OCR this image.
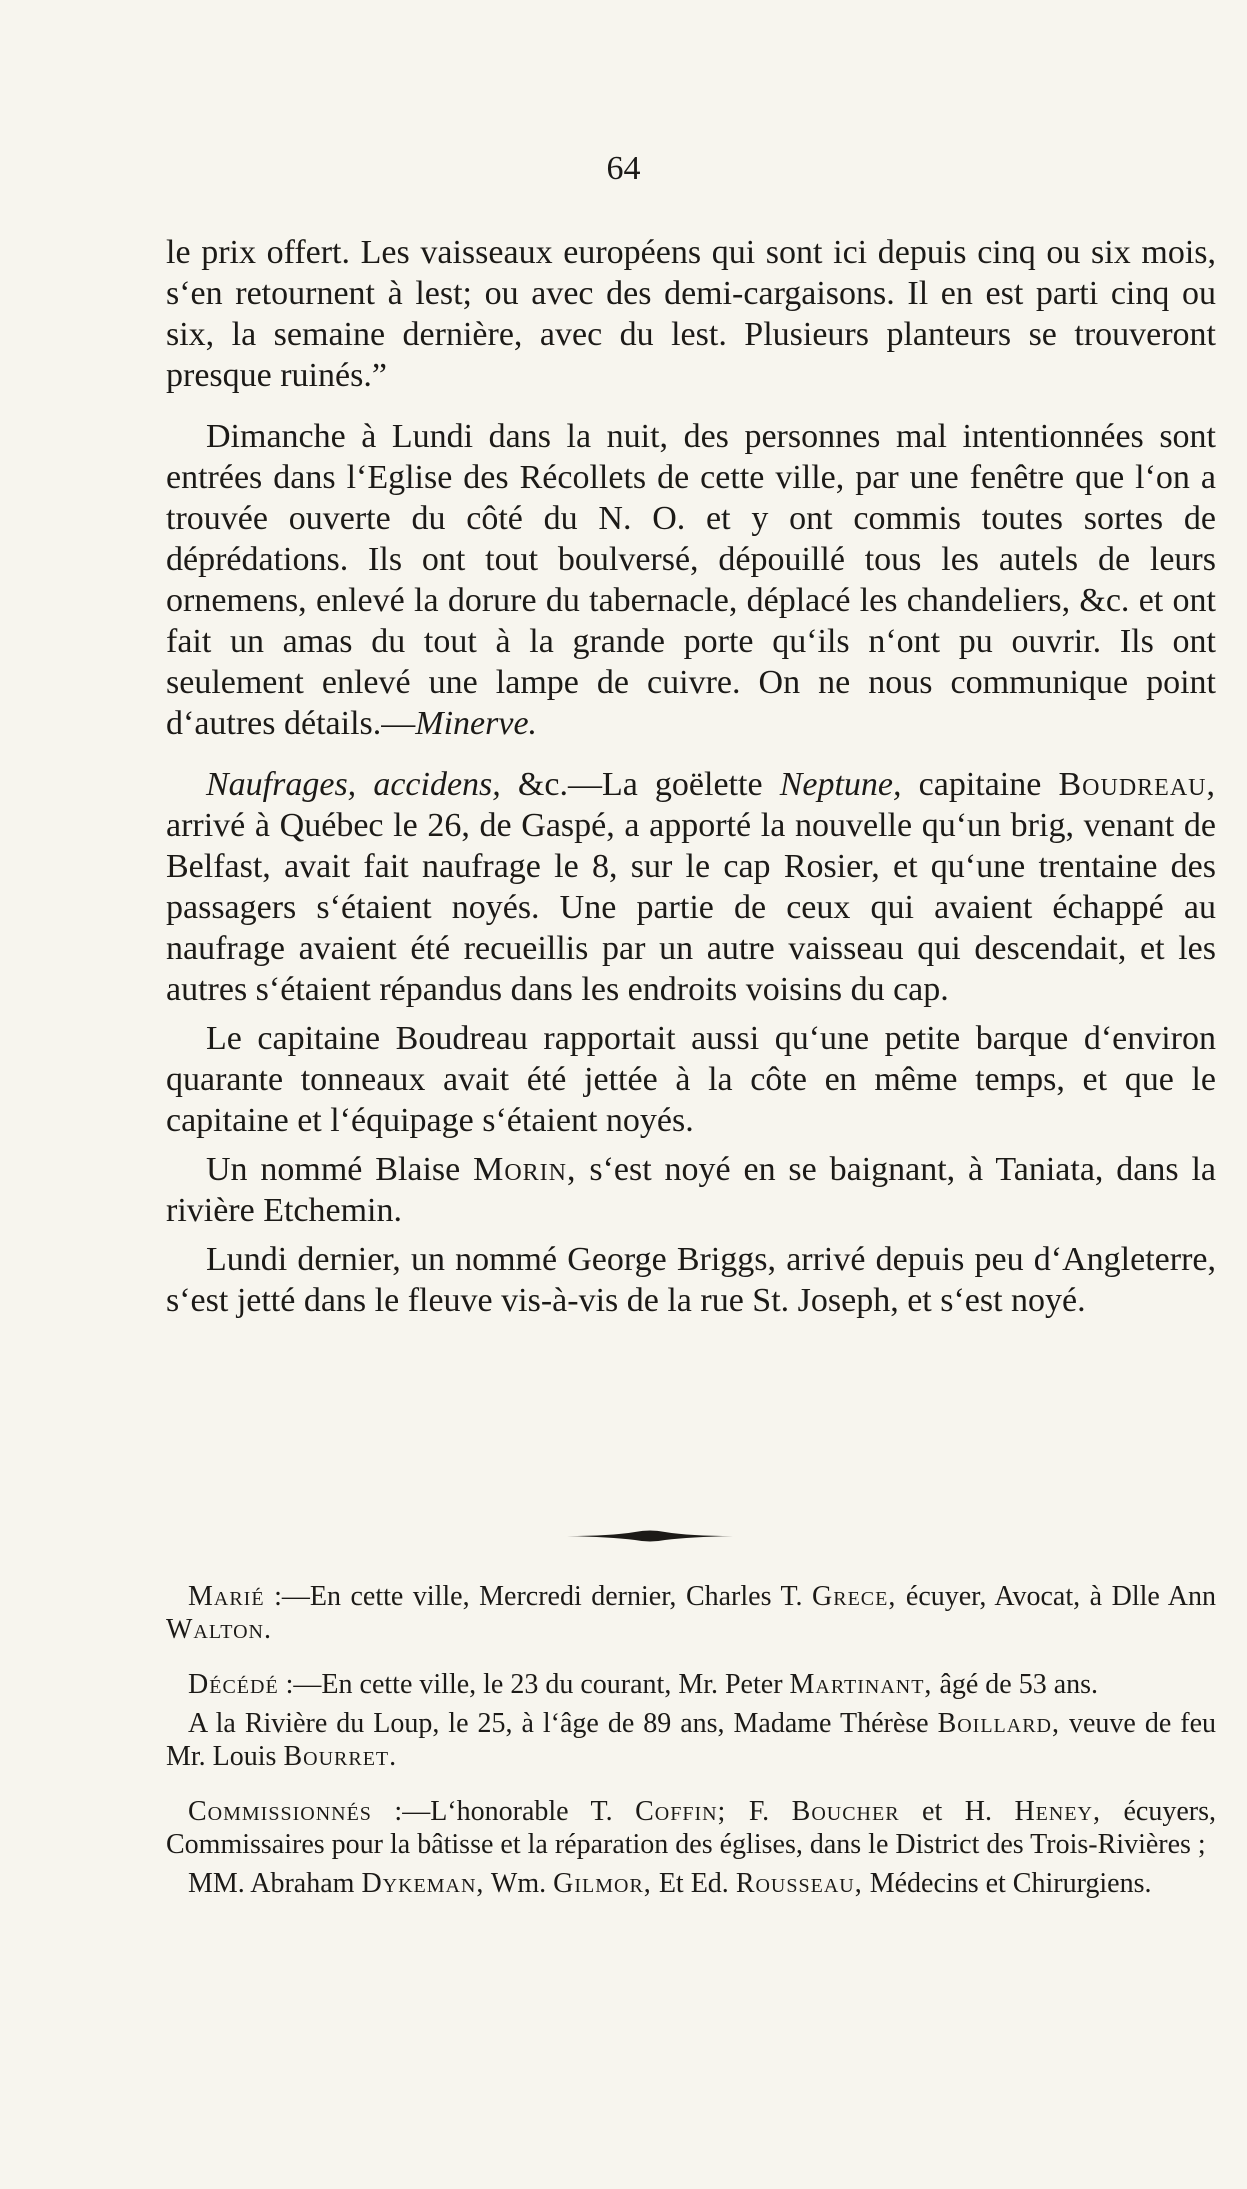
64

le prix offert. Les vaisseaux européens qui sont ici depuis cinq ou six mois, s‘en retournent à lest; ou avec des demi-cargaisons. Il en est parti cinq ou six, la semaine dernière, avec du lest. Plusieurs planteurs se trouveront presque ruinés.”

Dimanche à Lundi dans la nuit, des personnes mal intentionnées sont entrées dans l‘Eglise des Récollets de cette ville, par une fenêtre que l‘on a trouvée ouverte du côté du N. O. et y ont commis toutes sortes de déprédations. Ils ont tout boulversé, dépouillé tous les autels de leurs ornemens, enlevé la dorure du tabernacle, déplacé les chandeliers, &c. et ont fait un amas du tout à la grande porte qu‘ils n‘ont pu ouvrir. Ils ont seulement enlevé une lampe de cuivre. On ne nous communique point d‘autres détails.—Minerve.

Naufrages, accidens, &c.—La goëlette Neptune, capitaine Boudreau, arrivé à Québec le 26, de Gaspé, a apporté la nouvelle qu‘un brig, venant de Belfast, avait fait naufrage le 8, sur le cap Rosier, et qu‘une trentaine des passagers s‘étaient noyés. Une partie de ceux qui avaient échappé au naufrage avaient été recueillis par un autre vaisseau qui descendait, et les autres s‘étaient répandus dans les endroits voisins du cap.

Le capitaine Boudreau rapportait aussi qu‘une petite barque d‘environ quarante tonneaux avait été jettée à la côte en même temps, et que le capitaine et l‘équipage s‘étaient noyés.

Un nommé Blaise Morin, s‘est noyé en se baignant, à Taniata, dans la rivière Etchemin.

Lundi dernier, un nommé George Briggs, arrivé depuis peu d‘Angleterre, s‘est jetté dans le fleuve vis-à-vis de la rue St. Joseph, et s‘est noyé.

Marié :—En cette ville, Mercredi dernier, Charles T. Grece, écuyer, Avocat, à Dlle Ann Walton.

Décédé :—En cette ville, le 23 du courant, Mr. Peter Martinant, âgé de 53 ans.

A la Rivière du Loup, le 25, à l‘âge de 89 ans, Madame Thérèse Boillard, veuve de feu Mr. Louis Bourret.

Commissionnés :—L‘honorable T. Coffin; F. Boucher et H. Heney, écuyers, Commissaires pour la bâtisse et la réparation des églises, dans le District des Trois-Rivières ;

MM. Abraham Dykeman, Wm. Gilmor, Et Ed. Rousseau, Médecins et Chirurgiens.
